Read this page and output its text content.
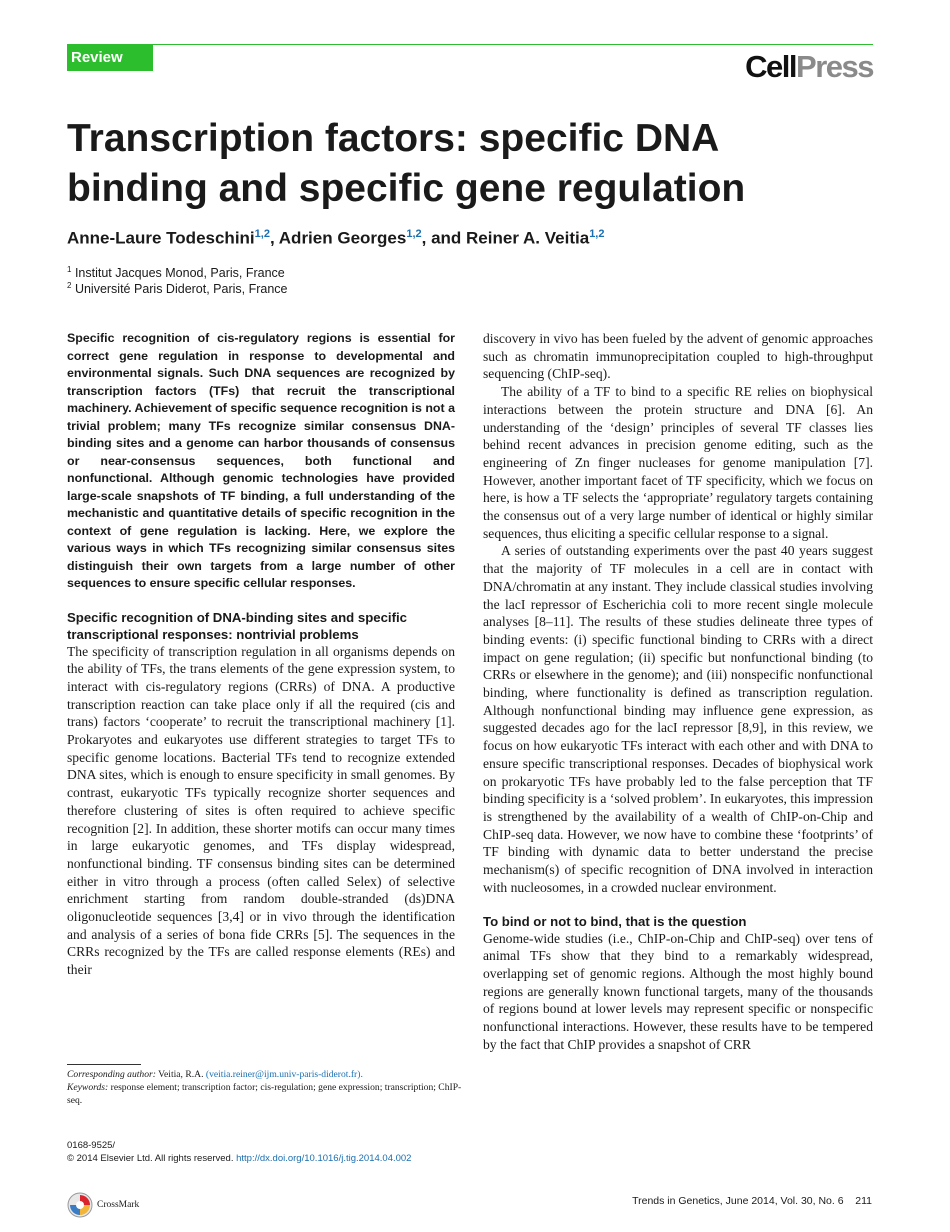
Review	CellPress
Transcription factors: specific DNA
binding and specific gene regulation
Anne-Laure Todeschini$^{1,2}$, Adrien Georges$^{1,2}$, and Reiner A. Veitia$^{1,2}$
$^1$ Institut Jacques Monod, Paris, France
$^2$ Université Paris Diderot, Paris, France

Specific recognition of cis-regulatory regions is essential for correct gene regulation in response to developmental and environmental signals. Such DNA sequences are recognized by transcription factors (TFs) that recruit the transcriptional machinery. Achievement of specific sequence recognition is not a trivial problem; many TFs recognize similar consensus DNA-binding sites and a genome can harbor thousands of consensus or near-consensus sequences, both functional and nonfunctional. Although genomic technologies have provided large-scale snapshots of TF binding, a full understanding of the mechanistic and quantitative details of specific recognition in the context of gene regulation is lacking. Here, we explore the various ways in which TFs recognizing similar consensus sites distinguish their own targets from a large number of other sequences to ensure specific cellular responses.

Specific recognition of DNA-binding sites and specific transcriptional responses: nontrivial problems

The specificity of transcription regulation in all organisms depends on the ability of TFs, the trans elements of the gene expression system, to interact with cis-regulatory regions (CRRs) of DNA. A productive transcription reaction can take place only if all the required (cis and trans) factors ‘cooperate’ to recruit the transcriptional machinery [1]. Prokaryotes and eukaryotes use different strategies to target TFs to specific genome locations. Bacterial TFs tend to recognize extended DNA sites, which is enough to ensure specificity in small genomes. By contrast, eukaryotic TFs typically recognize shorter sequences and therefore clustering of sites is often required to achieve specific recognition [2]. In addition, these shorter motifs can occur many times in large eukaryotic genomes, and TFs display widespread, nonfunctional binding. TF consensus binding sites can be determined either in vitro through a process (often called Selex) of selective enrichment starting from random double-stranded (ds)DNA oligonucleotide sequences [3,4] or in vivo through the identification and analysis of a series of bona fide CRRs [5]. The sequences in the CRRs recognized by the TFs are called response elements (REs) and their

discovery in vivo has been fueled by the advent of genomic approaches such as chromatin immunoprecipitation coupled to high-throughput sequencing (ChIP-seq).

The ability of a TF to bind to a specific RE relies on biophysical interactions between the protein structure and DNA [6]. An understanding of the ‘design’ principles of several TF classes lies behind recent advances in precision genome editing, such as the engineering of Zn finger nucleases for genome manipulation [7]. However, another important facet of TF specificity, which we focus on here, is how a TF selects the ‘appropriate’ regulatory targets containing the consensus out of a very large number of identical or highly similar sequences, thus eliciting a specific cellular response to a signal.

A series of outstanding experiments over the past 40 years suggest that the majority of TF molecules in a cell are in contact with DNA/chromatin at any instant. They include classical studies involving the lacI repressor of Escherichia coli to more recent single molecule analyses [8–11]. The results of these studies delineate three types of binding events: (i) specific functional binding to CRRs with a direct impact on gene regulation; (ii) specific but nonfunctional binding (to CRRs or elsewhere in the genome); and (iii) nonspecific nonfunctional binding, where functionality is defined as transcription regulation. Although nonfunctional binding may influence gene expression, as suggested decades ago for the lacI repressor [8,9], in this review, we focus on how eukaryotic TFs interact with each other and with DNA to ensure specific transcriptional responses. Decades of biophysical work on prokaryotic TFs have probably led to the false perception that TF binding specificity is a ‘solved problem’. In eukaryotes, this impression is strengthened by the availability of a wealth of ChIP-on-Chip and ChIP-seq data. However, we now have to combine these ‘footprints’ of TF binding with dynamic data to better understand the precise mechanism(s) of specific recognition of DNA involved in interaction with nucleosomes, in a crowded nuclear environment.

To bind or not to bind, that is the question

Genome-wide studies (i.e., ChIP-on-Chip and ChIP-seq) over tens of animal TFs show that they bind to a remarkably widespread, overlapping set of genomic regions. Although the most highly bound regions are generally known functional targets, many of the thousands of regions bound at lower levels may represent specific or nonspecific nonfunctional interactions. However, these results have to be tempered by the fact that ChIP provides a snapshot of CRR

Corresponding author: Veitia, R.A. (veitia.reiner@ijm.univ-paris-diderot.fr).
Keywords: response element; transcription factor; cis-regulation; gene expression; transcription; ChIP-seq.
0168-9525/
© 2014 Elsevier Ltd. All rights reserved. http://dx.doi.org/10.1016/j.tig.2014.04.002
CrossMark	Trends in Genetics, June 2014, Vol. 30, No. 6 211
